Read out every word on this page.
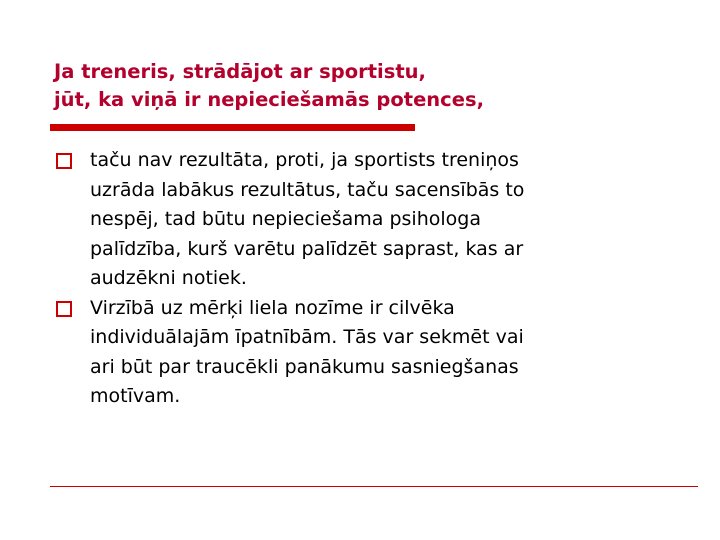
Ja treneris, strādājot ar sportistu,
jūt, ka viņā ir nepieciešamās potences,
taču nav rezultāta, proti, ja sportists treniņos
uzrāda labākus rezultātus, taču sacensībās to
nespēj, tad būtu nepieciešama psihologa
palīdzība, kurš varētu palīdzēt saprast, kas ar
audzēkni notiek.
Virzībā uz mērķi liela nozīme ir cilvēka
individuālajām īpatnībām. Tās var sekmēt vai
ari būt par traucēkli panākumu sasniegšanas
motīvam.
